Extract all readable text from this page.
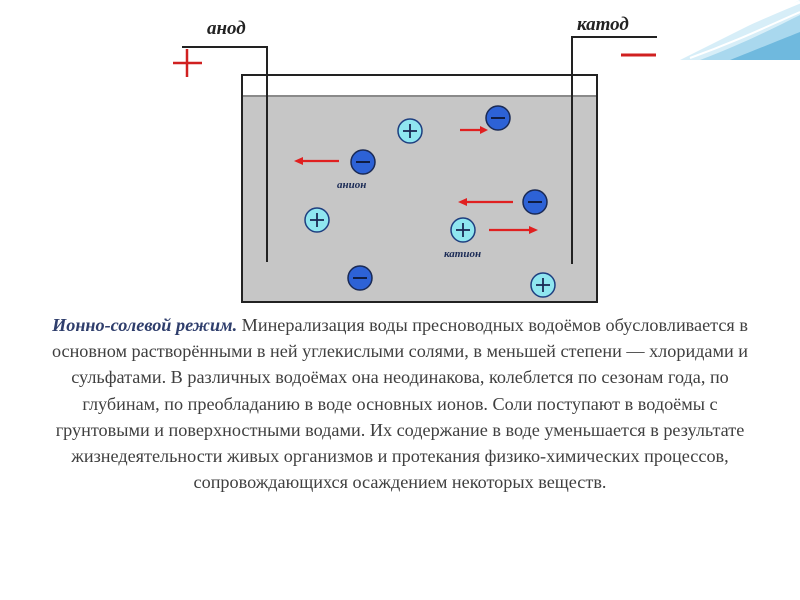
анод	катод
анион
катион
Ионно-солевой режим. Минерализация воды пресноводных водоёмов обусловливается в основном растворёнными в ней углекислыми солями, в меньшей степени — хлоридами и сульфатами. В различных водоёмах она неодинакова, колеблется по сезонам года, по глубинам, по преобладанию в воде основных ионов. Соли поступают в водоёмы с грунтовыми и поверхностными водами. Их содержание в воде уменьшается в результате жизнедеятельности живых организмов и протекания физико-химических процессов, сопровождающихся осаждением некоторых веществ.
